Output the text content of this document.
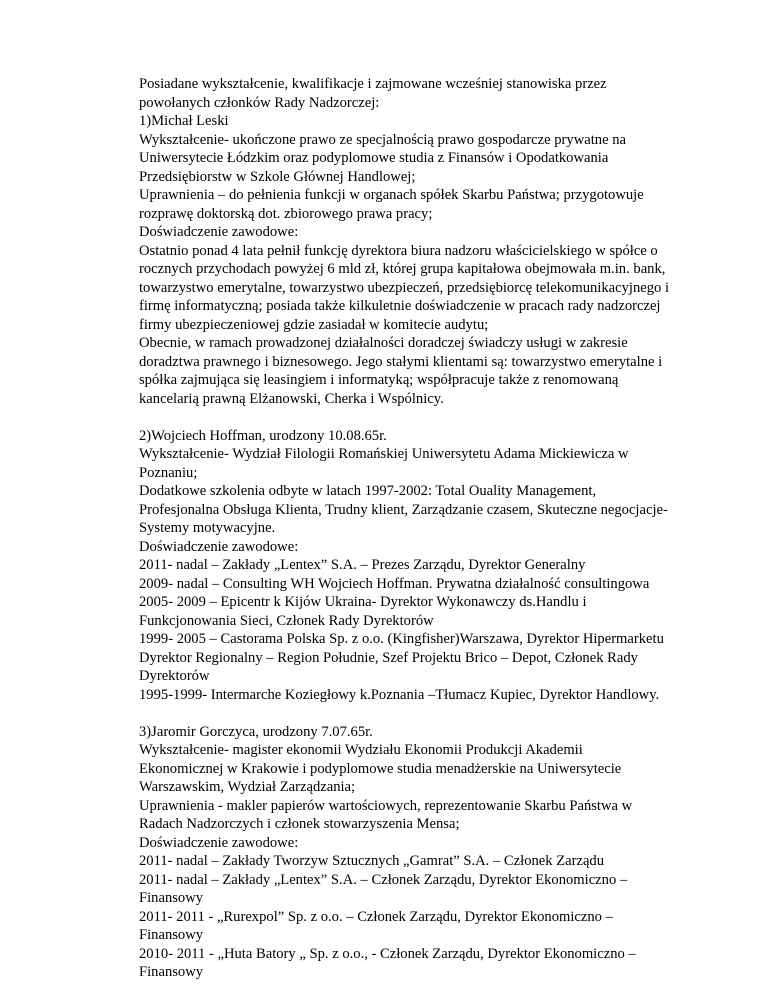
Posiadane wykształcenie, kwalifikacje i zajmowane wcześniej stanowiska przez
powołanych członków Rady Nadzorczej:
1)Michał Leski
Wykształcenie- ukończone prawo ze specjalnością prawo gospodarcze prywatne na
Uniwersytecie Łódzkim oraz podyplomowe studia z Finansów i Opodatkowania
Przedsiębiorstw w Szkole Głównej Handlowej;
Uprawnienia – do pełnienia funkcji w organach spółek Skarbu Państwa; przygotowuje
rozprawę doktorską dot. zbiorowego prawa pracy;
Doświadczenie zawodowe:
Ostatnio ponad 4 lata pełnił funkcję dyrektora biura nadzoru właścicielskiego w spółce o
rocznych przychodach powyżej 6 mld zł, której grupa kapitałowa obejmowała m.in. bank,
towarzystwo emerytalne, towarzystwo ubezpieczeń, przedsiębiorcę telekomunikacyjnego i
firmę informatyczną; posiada także kilkuletnie doświadczenie w pracach rady nadzorczej
firmy ubezpieczeniowej gdzie zasiadał w komitecie audytu;
Obecnie, w ramach prowadzonej działalności doradczej świadczy usługi w zakresie
doradztwa prawnego i biznesowego. Jego stałymi klientami są: towarzystwo emerytalne i
spółka zajmująca się leasingiem i informatyką; współpracuje także z renomowaną
kancelarią prawną Elżanowski, Cherka i Wspólnicy.
2)Wojciech Hoffman, urodzony 10.08.65r.
Wykształcenie- Wydział Filologii Romańskiej Uniwersytetu Adama Mickiewicza w
Poznaniu;
Dodatkowe szkolenia odbyte w latach 1997-2002: Total Ouality Management,
Profesjonalna Obsługa Klienta, Trudny klient, Zarządzanie czasem, Skuteczne negocjacje-
Systemy motywacyjne.
Doświadczenie zawodowe:
2011- nadal – Zakłady „Lentex” S.A. – Prezes Zarządu, Dyrektor Generalny
2009- nadal – Consulting WH Wojciech Hoffman. Prywatna działalność consultingowa
2005- 2009 – Epicentr k Kijów Ukraina- Dyrektor Wykonawczy ds.Handlu i
Funkcjonowania Sieci, Członek Rady Dyrektorów
1999- 2005 – Castorama Polska Sp. z o.o. (Kingfisher)Warszawa, Dyrektor Hipermarketu
Dyrektor Regionalny – Region Południe, Szef Projektu Brico – Depot, Członek Rady
Dyrektorów
1995-1999- Intermarche Koziegłowy k.Poznania –Tłumacz Kupiec, Dyrektor Handlowy.
3)Jaromir Gorczyca, urodzony 7.07.65r.
Wykształcenie- magister ekonomii Wydziału Ekonomii Produkcji Akademii
Ekonomicznej w Krakowie i podyplomowe studia menadżerskie na Uniwersytecie
Warszawskim, Wydział Zarządzania;
Uprawnienia - makler papierów wartościowych, reprezentowanie Skarbu Państwa w
Radach Nadzorczych i członek stowarzyszenia Mensa;
Doświadczenie zawodowe:
2011- nadal – Zakłady Tworzyw Sztucznych „Gamrat” S.A. – Członek Zarządu
2011- nadal – Zakłady „Lentex” S.A. – Członek Zarządu, Dyrektor Ekonomiczno –
Finansowy
2011- 2011 - „Rurexpol” Sp. z o.o. – Członek Zarządu, Dyrektor Ekonomiczno –
Finansowy
2010- 2011 - „Huta Batory „ Sp. z o.o., - Członek Zarządu, Dyrektor Ekonomiczno –
Finansowy
